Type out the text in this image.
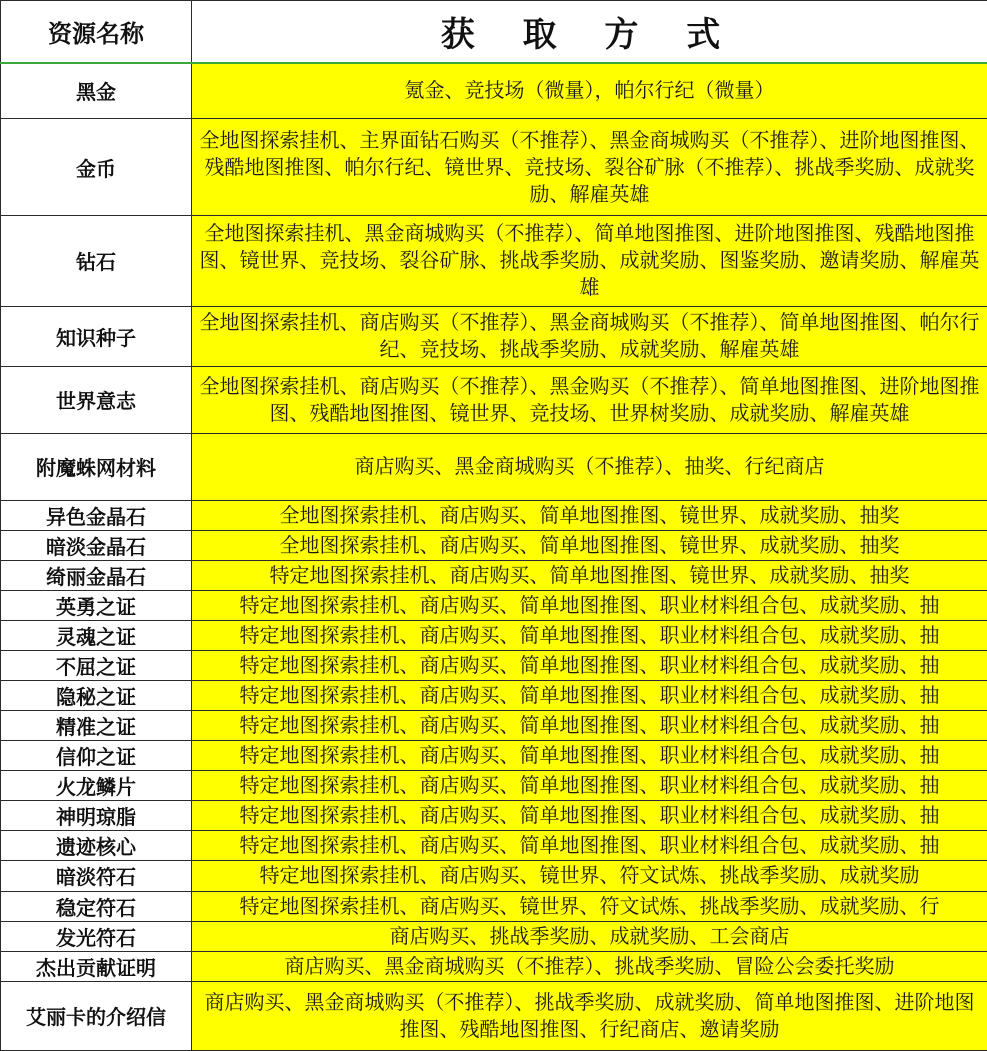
资源名称	获 取 方 式
黑金	氪金、竞技场（微量），帕尔行纪（微量）

金币	全地图探索挂机、主界面钻石购买（不推荐）、黑金商城购买（不推荐）、进阶地图推图、残酷地图推图、帕尔行纪、镜世界、竞技场、裂谷矿脉（不推荐）、挑战季奖励、成就奖励、解雇英雄

钻石	全地图探索挂机、黑金商城购买（不推荐）、简单地图推图、进阶地图推图、残酷地图推图、镜世界、竞技场、裂谷矿脉、挑战季奖励、成就奖励、图鉴奖励、邀请奖励、解雇英雄

知识种子	全地图探索挂机、商店购买（不推荐）、黑金商城购买（不推荐）、简单地图推图、帕尔行纪、竞技场、挑战季奖励、成就奖励、解雇英雄

世界意志	全地图探索挂机、商店购买（不推荐）、黑金购买（不推荐）、简单地图推图、进阶地图推图、残酷地图推图、镜世界、竞技场、世界树奖励、成就奖励、解雇英雄

附魔蛛网材料	商店购买、黑金商城购买（不推荐）、抽奖、行纪商店

异色金晶石	全地图探索挂机、商店购买、简单地图推图、镜世界、成就奖励、抽奖

暗淡金晶石	全地图探索挂机、商店购买、简单地图推图、镜世界、成就奖励、抽奖

绮丽金晶石	特定地图探索挂机、商店购买、简单地图推图、镜世界、成就奖励、抽奖

英勇之证	特定地图探索挂机、商店购买、简单地图推图、职业材料组合包、成就奖励、抽

灵魂之证	特定地图探索挂机、商店购买、简单地图推图、职业材料组合包、成就奖励、抽

不屈之证	特定地图探索挂机、商店购买、简单地图推图、职业材料组合包、成就奖励、抽

隐秘之证	特定地图探索挂机、商店购买、简单地图推图、职业材料组合包、成就奖励、抽

精准之证	特定地图探索挂机、商店购买、简单地图推图、职业材料组合包、成就奖励、抽

信仰之证	特定地图探索挂机、商店购买、简单地图推图、职业材料组合包、成就奖励、抽

火龙鳞片	特定地图探索挂机、商店购买、简单地图推图、职业材料组合包、成就奖励、抽

神明琼脂	特定地图探索挂机、商店购买、简单地图推图、职业材料组合包、成就奖励、抽

遗迹核心	特定地图探索挂机、商店购买、简单地图推图、职业材料组合包、成就奖励、抽

暗淡符石	特定地图探索挂机、商店购买、镜世界、符文试炼、挑战季奖励、成就奖励

稳定符石	特定地图探索挂机、商店购买、镜世界、符文试炼、挑战季奖励、成就奖励、行

发光符石	商店购买、挑战季奖励、成就奖励、工会商店

杰出贡献证明	商店购买、黑金商城购买（不推荐）、挑战季奖励、冒险公会委托奖励

艾丽卡的介绍信	商店购买、黑金商城购买（不推荐）、挑战季奖励、成就奖励、简单地图推图、进阶地图推图、残酷地图推图、行纪商店、邀请奖励
